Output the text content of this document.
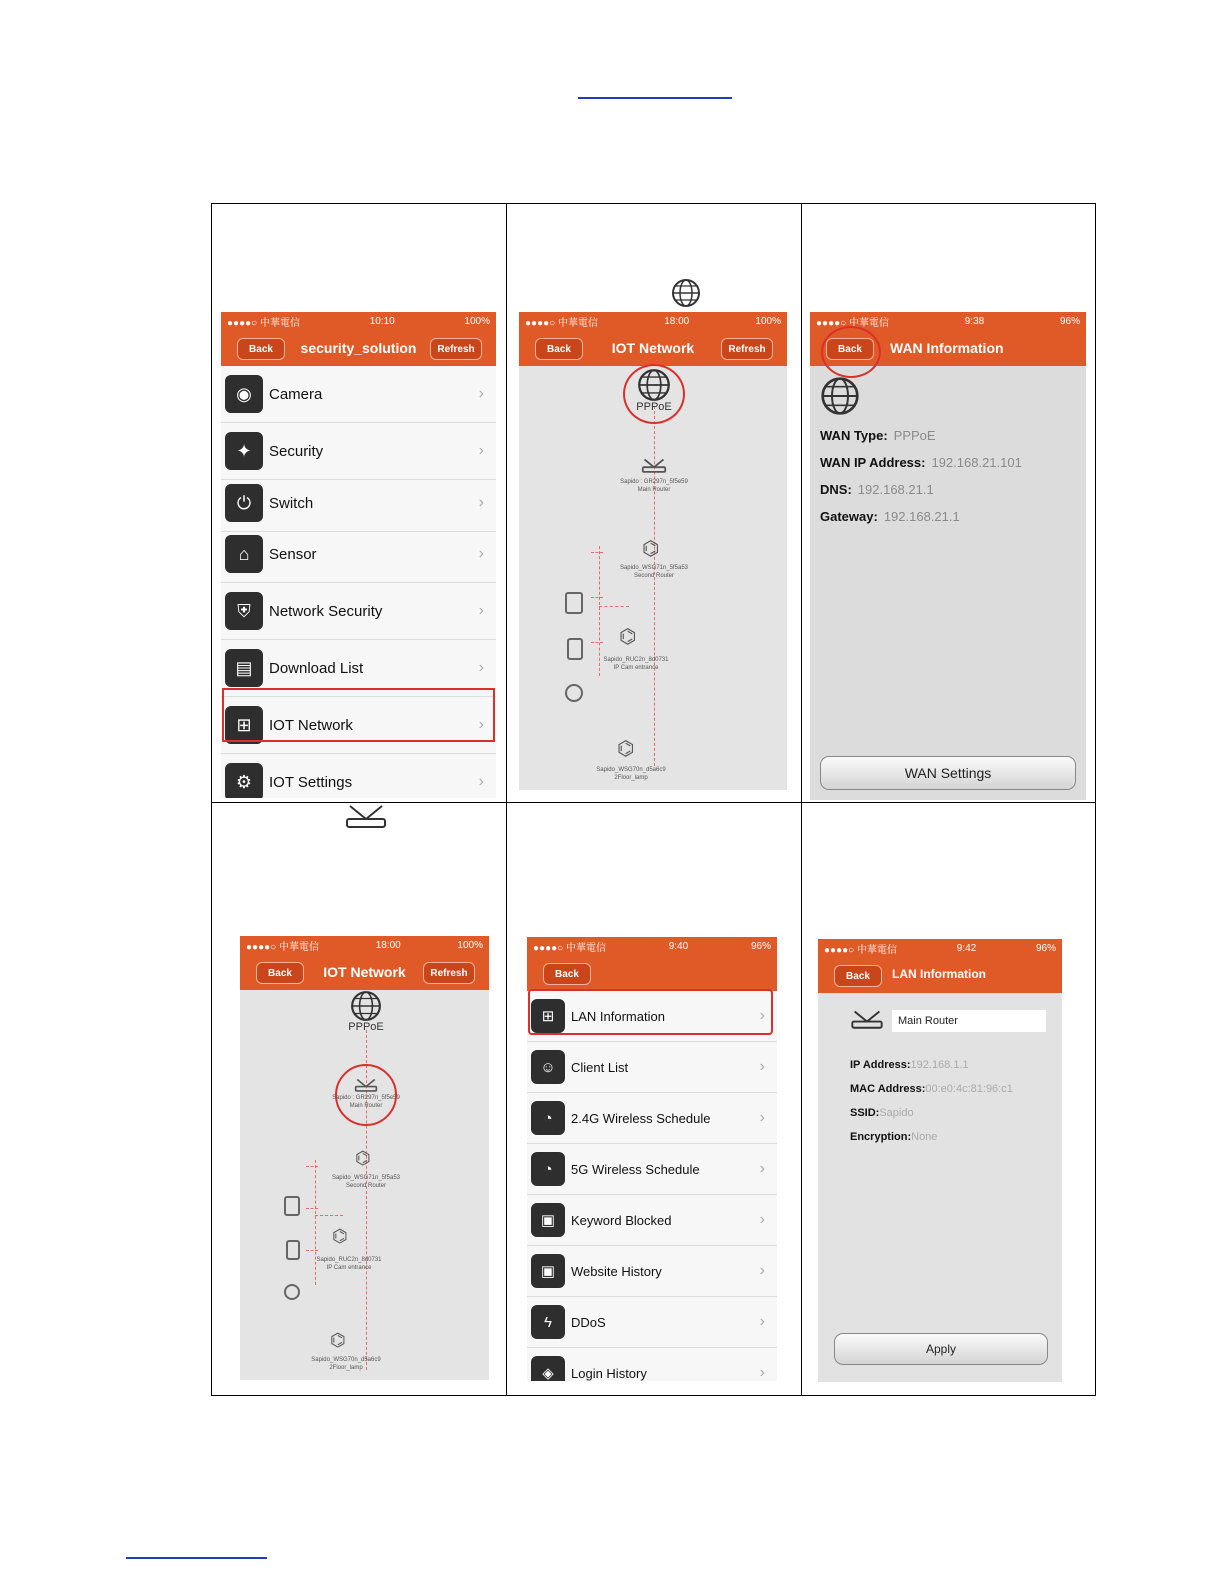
●●●●○ 中華電信	10:10	100%
Back	security_solution	Refresh
◉	Camera	›
✦	Security	›
⏻	Switch	›
⌂	Sensor	›
⛨	Network Security	›
▤	Download List	›
⊞	IOT Network	›
⚙	IOT Settings	›
●●●●○ 中華電信	18:00	100%
Back	IOT Network	Refresh
PPPoE
Sapido : GR297n_5f5e59
Main Router
⌬
Sapido_WSG71n_5f5a53
Second Router
⌬
Sapido_RUC2n_8d0731
IP Cam entrance
⌬
Sapido_WSG70n_d5a6c9
2Floor_lamp
●●●●○ 中華電信	9:38	96%
Back	WAN Information
WAN Type: PPPoE
WAN IP Address: 192.168.21.101
DNS: 192.168.21.1
Gateway: 192.168.21.1
WAN Settings
●●●●○ 中華電信	18:00	100%
Back	IOT Network	Refresh
PPPoE
Sapido : GR297n_5f5e59
Main Router
⌬
Sapido_WSG71n_5f5a53
Second Router
⌬
Sapido_RUC2n_8d0731
IP Cam entrance
⌬
Sapido_WSG70n_d5a6c9
2Floor_lamp
●●●●○ 中華電信	9:40	96%
Back
⊞	LAN Information	›
☺	Client List	›
◔	2.4G Wireless Schedule	›
◔	5G Wireless Schedule	›
▣	Keyword Blocked	›
▣	Website History	›
ϟ	DDoS	›
◈	Login History	›
●●●●○ 中華電信	9:42	96%
Back	LAN Information
Main Router
IP Address:192.168.1.1
MAC Address:00:e0:4c:81:96:c1
SSID:Sapido
Encryption:None
Apply
